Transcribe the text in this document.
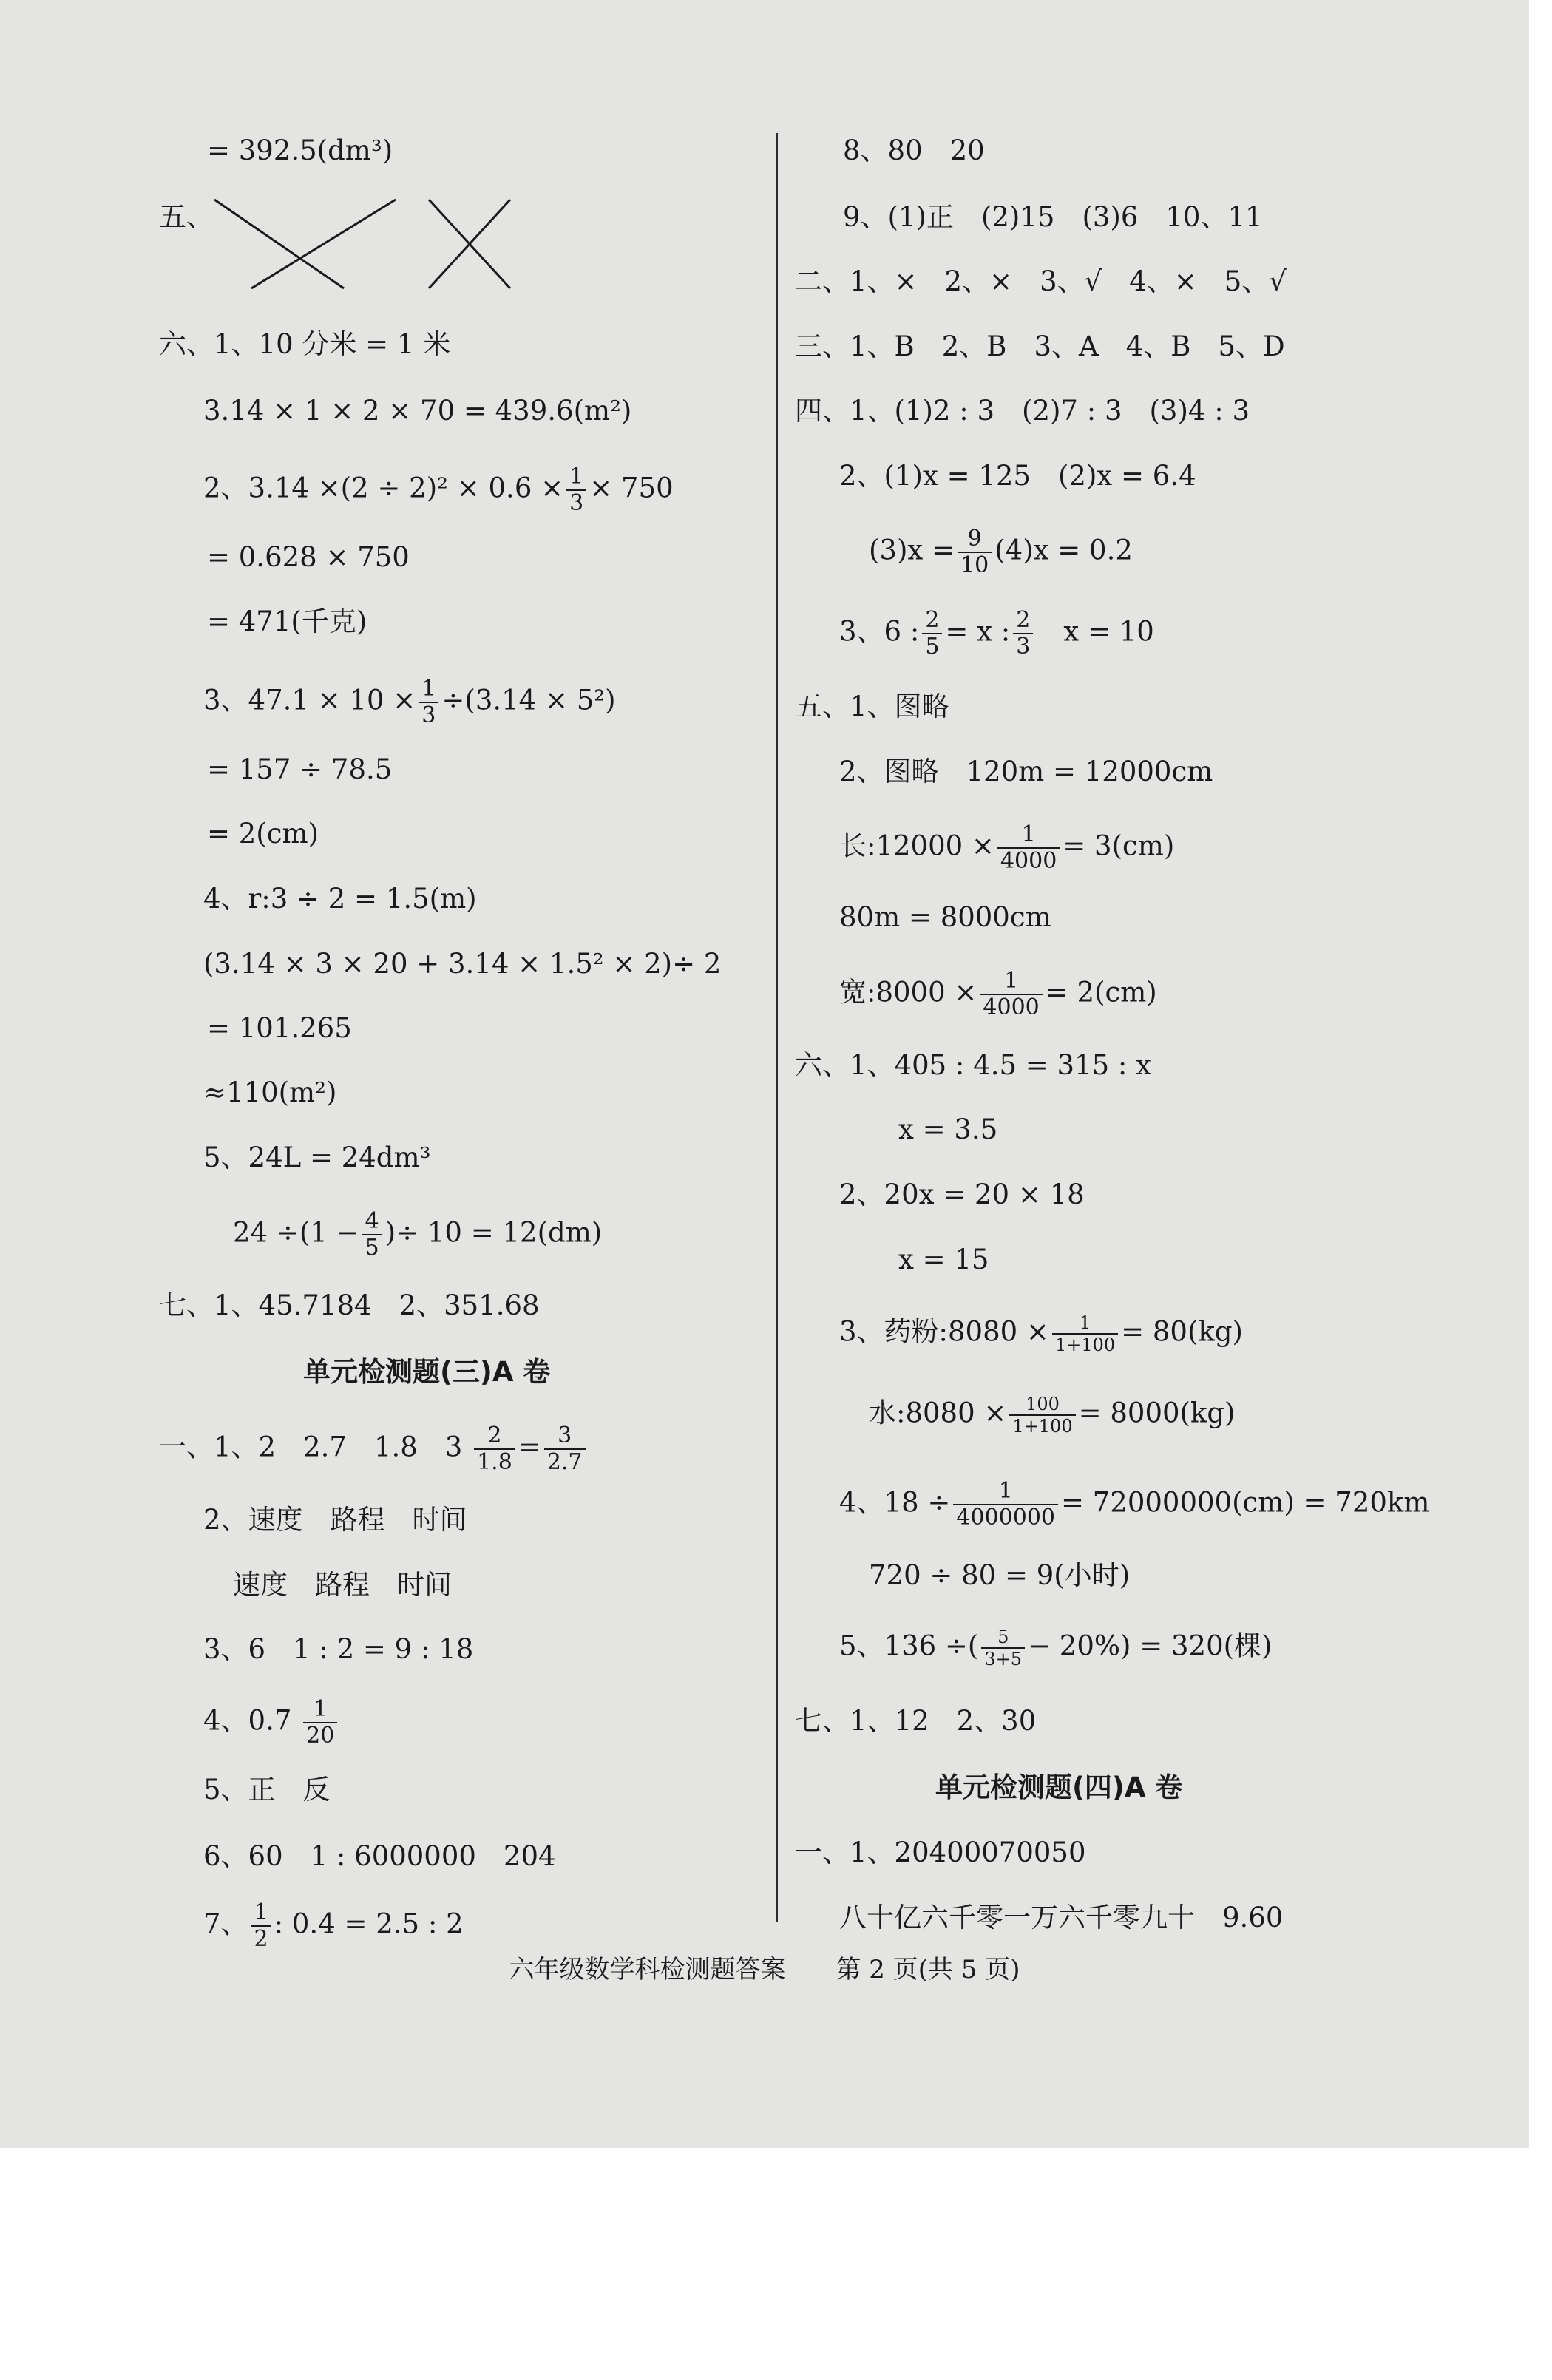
= 392.5(dm³)
五、
六、1、10 分米 = 1 米
3.14 × 1 × 2 × 70 = 439.6(m²)
2、$3.14 \times(2 \div 2)^2 \times 0.6 \times \frac{1}{3} \times 750$
= 0.628 × 750
= 471(千克)
3、$47.1 \times 10 \times \frac{1}{3} \div(3.14 \times 5^2)$
= 157 ÷ 78.5
= 2(cm)
4、r:3 ÷ 2 = 1.5(m)
(3.14 × 3 × 20 + 3.14 × 1.5² × 2)÷ 2
= 101.265
≈110(m²)
5、24L = 24dm³
$24 \div(1 - \frac{4}{5}$ )÷ 10 = 12(dm)
七、1、45.7184　2、351.68
单元检测题(三)A 卷
一、1、2　2.7　1.8　$3 \frac{2}{1.8} = \frac{3}{2.7}$
2、速度　路程　时间
速度　路程　时间
3、6　1 : 2 = 9 : 18
4、$0.7 \frac{1}{20}$
5、正　反
6、60　1 : 6000000　204
7、 $\frac{1}{2}$ : 0.4 = 2.5 : 2
8、80　20
9、(1)正　(2)15　(3)6　10、11
二、1、×　2、×　3、√　4、×　5、√
三、1、B　2、B　3、A　4、B　5、D
四、1、(1)2 : 3　(2)7 : 3　(3)4 : 3
2、(1)x = 125　(2)x = 6.4
$(3)x = \frac{9}{10} (4)x = 0.2$
3、6 : $\frac{2}{5} = x$ : $\frac{2}{3}$
　 x = 10
五、1、图略
2、图略　120m = 12000cm
长:12000 × $\frac{1}{4000} = 3(cm)$
80m = 8000cm
宽:8000 × $\frac{1}{4000} = 2(cm)$
六、1、405 : 4.5 = 315 : x
x = 3.5
2、20x = 20 × 18
x = 15
3、药粉:8080 × $\frac{1}{1+100} = 80(kg)$
水:8080 × $\frac{100}{1+100} = 8000(kg)$
4、$18 \div \frac{1}{4000000} = 72000000(cm) = 720km$
720 ÷ 80 = 9(小时)
5、136 ÷( $\frac{5}{3+5} - 20\%) = 320$(棵)
七、1、12　2、30
单元检测题(四)A 卷
一、1、20400070050
八十亿六千零一万六千零九十　9.60
六年级数学科检测题答案　　第 2 页(共 5 页)
